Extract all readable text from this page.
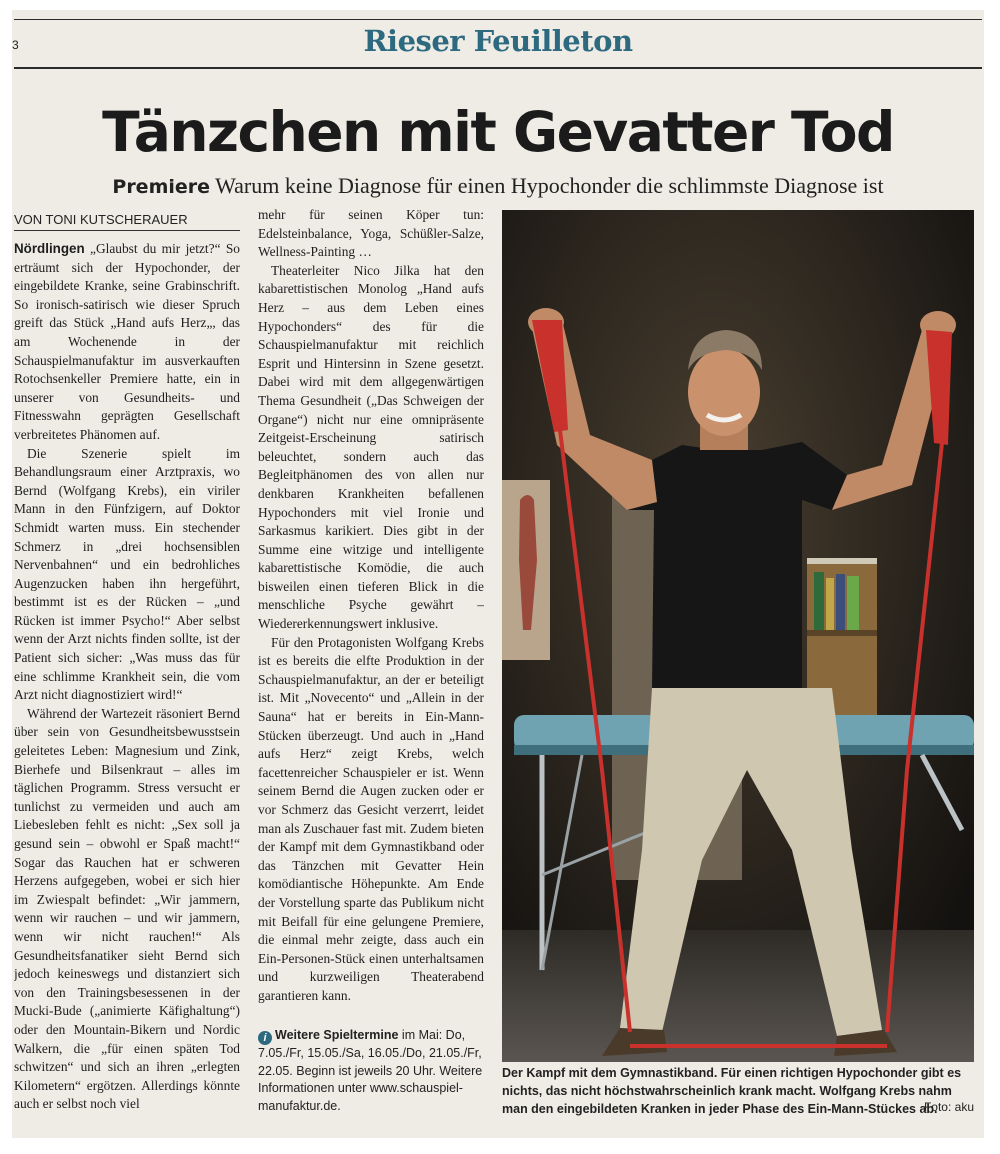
3	Rieser Feuilleton
Tänzchen mit Gevatter Tod
Premiere Warum keine Diagnose für einen Hypochonder die schlimmste Diagnose ist
VON TONI KUTSCHERAUER

Nördlingen „Glaubst du mir jetzt?“ So erträumt sich der Hypochonder, der eingebildete Kranke, seine Grabinschrift. So ironisch-satirisch wie dieser Spruch greift das Stück „Hand aufs Herz„, das am Wochenende in der Schauspielmanufaktur im ausverkauften Rotochsenkeller Premiere hatte, ein in unserer von Gesundheits- und Fitnesswahn geprägten Gesellschaft verbreitetes Phänomen auf.

Die Szenerie spielt im Behandlungsraum einer Arztpraxis, wo Bernd (Wolfgang Krebs), ein viriler Mann in den Fünfzigern, auf Doktor Schmidt warten muss. Ein stechender Schmerz in „drei hochsensiblen Nervenbahnen“ und ein bedrohliches Augenzucken haben ihn hergeführt, bestimmt ist es der Rücken – „und Rücken ist immer Psycho!“ Aber selbst wenn der Arzt nichts finden sollte, ist der Patient sich sicher: „Was muss das für eine schlimme Krankheit sein, die vom Arzt nicht diagnostiziert wird!“

Während der Wartezeit räsoniert Bernd über sein von Gesundheitsbewusstsein geleitetes Leben: Magnesium und Zink, Bierhefe und Bilsenkraut – alles im täglichen Programm. Stress versucht er tunlichst zu vermeiden und auch am Liebesleben fehlt es nicht: „Sex soll ja gesund sein – obwohl er Spaß macht!“ Sogar das Rauchen hat er schweren Herzens aufgegeben, wobei er sich hier im Zwiespalt befindet: „Wir jammern, wenn wir rauchen – und wir jammern, wenn wir nicht rauchen!“ Als Gesundheitsfanatiker sieht Bernd sich jedoch keineswegs und distanziert sich von den Trainingsbesessenen in der Mucki-Bude („animierte Käfighaltung“) oder den Mountain-Bikern und Nordic Walkern, die „für einen späten Tod schwitzen“ und sich an ihren „erlegten Kilometern“ ergötzen. Allerdings könnte auch er selbst noch viel

mehr für seinen Köper tun: Edelsteinbalance, Yoga, Schüßler-Salze, Wellness-Painting …

Theaterleiter Nico Jilka hat den kabarettistischen Monolog „Hand aufs Herz – aus dem Leben eines Hypochonders“ des für die Schauspielmanufaktur mit reichlich Esprit und Hintersinn in Szene gesetzt. Dabei wird mit dem allgegenwärtigen Thema Gesundheit („Das Schweigen der Organe“) nicht nur eine omnipräsente Zeitgeist-Erscheinung satirisch beleuchtet, sondern auch das Begleitphänomen des von allen nur denkbaren Krankheiten befallenen Hypochonders mit viel Ironie und Sarkasmus karikiert. Dies gibt in der Summe eine witzige und intelligente kabarettistische Komödie, die auch bisweilen einen tieferen Blick in die menschliche Psyche gewährt – Wiedererkennungswert inklusive.

Für den Protagonisten Wolfgang Krebs ist es bereits die elfte Produktion in der Schauspielmanufaktur, an der er beteiligt ist. Mit „Novecento“ und „Allein in der Sauna“ hat er bereits in Ein-Mann-Stücken überzeugt. Und auch in „Hand aufs Herz“ zeigt Krebs, welch facettenreicher Schauspieler er ist. Wenn seinem Bernd die Augen zucken oder er vor Schmerz das Gesicht verzerrt, leidet man als Zuschauer fast mit. Zudem bieten der Kampf mit dem Gymnastikband oder das Tänzchen mit Gevatter Hein komödiantische Höhepunkte. Am Ende der Vorstellung sparte das Publikum nicht mit Beifall für eine gelungene Premiere, die einmal mehr zeigte, dass auch ein Ein-Personen-Stück einen unterhaltsamen und kurzweiligen Theaterabend garantieren kann.

i Weitere Spieltermine im Mai: Do, 7.05./Fr, 15.05./Sa, 16.05./Do, 21.05./Fr, 22.05. Beginn ist jeweils 20 Uhr. Weitere Informationen unter www.schauspiel-manufaktur.de.
Der Kampf mit dem Gymnastikband. Für einen richtigen Hypochonder gibt es nichts, das nicht höchstwahrscheinlich krank macht. Wolfgang Krebs nahm man den eingebildeten Kranken in jeder Phase des Ein-Mann-Stückes ab.
Foto: aku
